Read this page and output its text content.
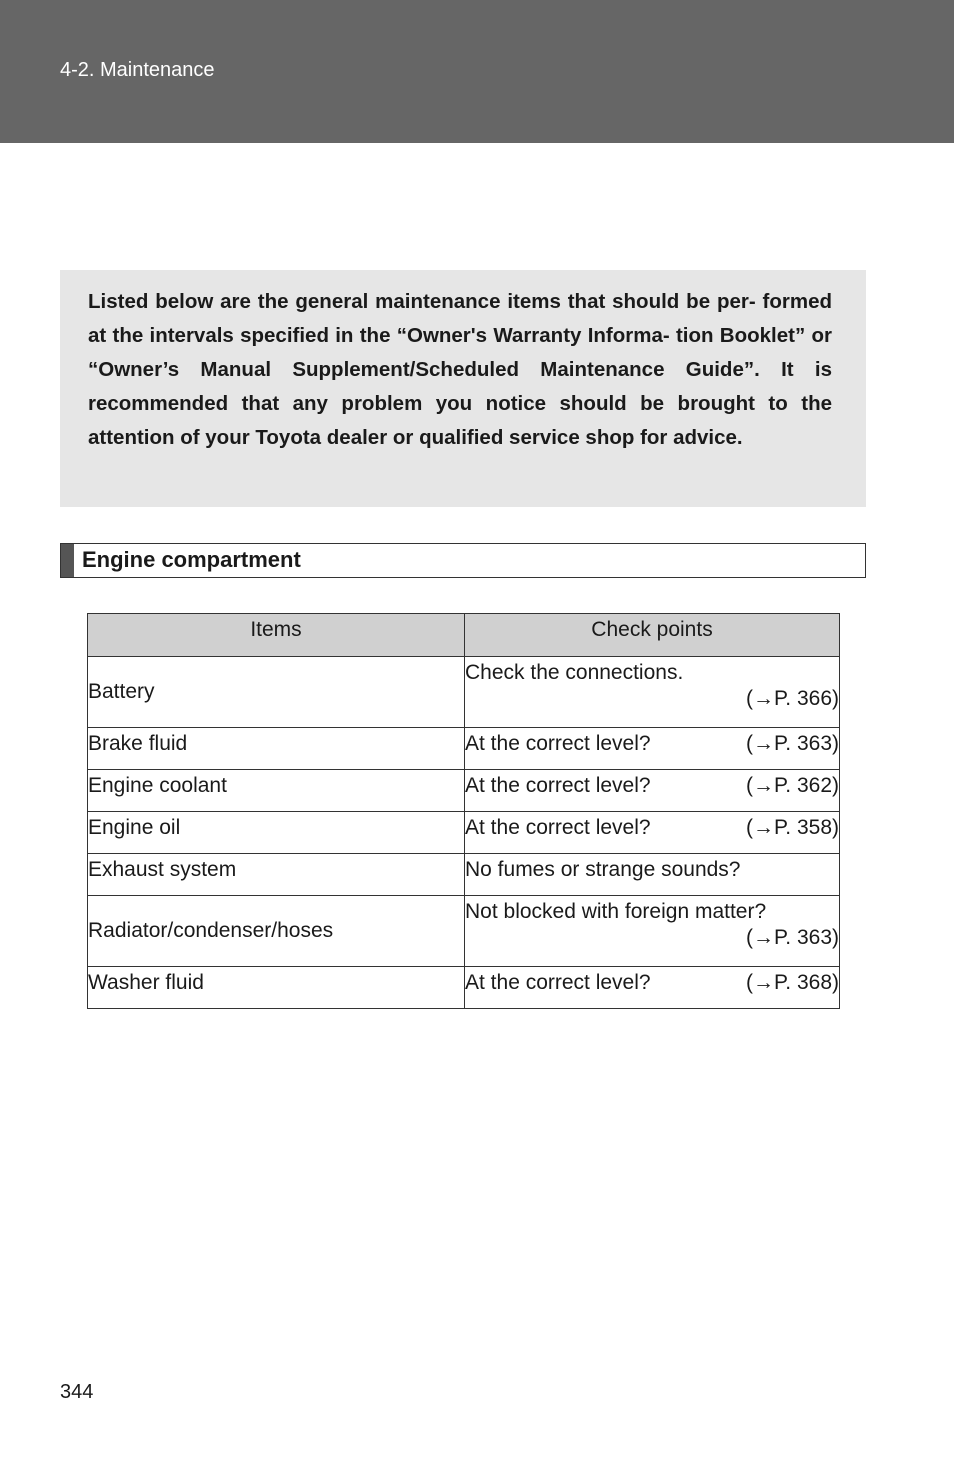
4-2. Maintenance

Listed below are the general maintenance items that should be per- formed at the intervals specified in the “Owner's Warranty Informa- tion Booklet” or “Owner’s Manual Supplement/Scheduled Maintenance Guide”. It is recommended that any problem you notice should be brought to the attention of your Toyota dealer or qualified service shop for advice.

Engine compartment
Items	Check points

Battery	Check the connections.
(→P. 366)

Brake fluid	At the correct level? (→P. 363)

Engine coolant	At the correct level? (→P. 362)

Engine oil	At the correct level? (→P. 358)

Exhaust system	No fumes or strange sounds?

Radiator/condenser/hoses	Not blocked with foreign matter?
(→P. 363)

Washer fluid	At the correct level? (→P. 368)
344
